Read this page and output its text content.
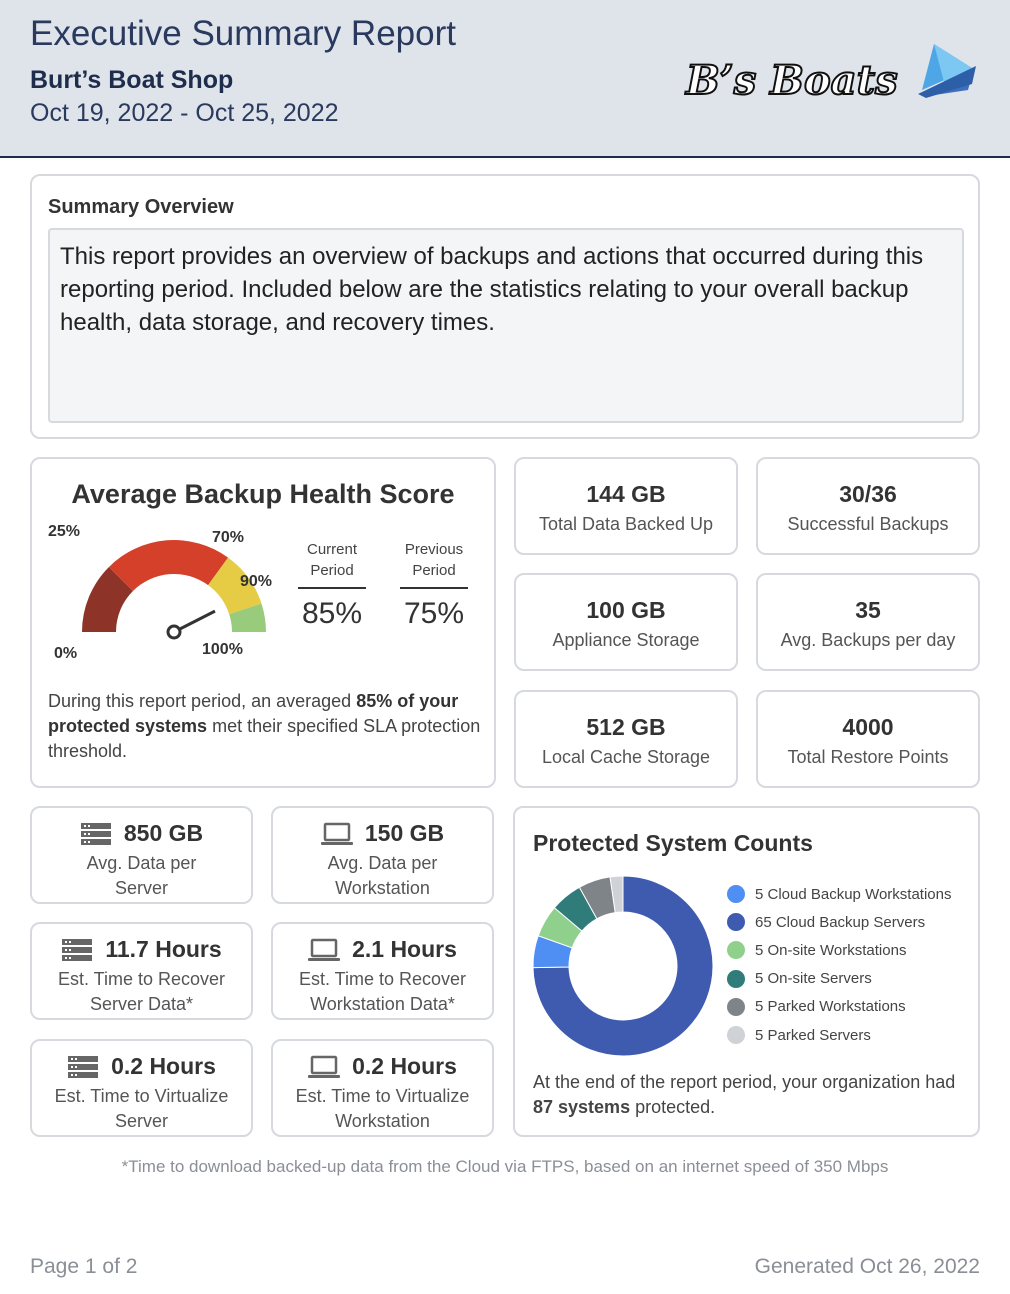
Executive Summary Report
Burt’s Boat Shop
Oct 19, 2022 - Oct 25, 2022
B’s Boats
Summary Overview
This report provides an overview of backups and actions that occurred during this reporting period. Included below are the statistics relating to your overall backup health, data storage, and recovery times.
Average Backup Health Score
25%	70%
90%
0%	100%
Current
Period
85%
Previous
Period
75%
During this report period, an averaged 85% of your protected systems met their specified SLA protection threshold.
144 GB
Total Data Backed Up
30/36
Successful Backups
100 GB
Appliance Storage
35
Avg. Backups per day
512 GB
Local Cache Storage
4000
Total Restore Points
850 GB
Avg. Data per
Server
150 GB
Avg. Data per
Workstation
11.7 Hours
Est. Time to Recover
Server Data*
2.1 Hours
Est. Time to Recover
Workstation Data*
0.2 Hours
Est. Time to Virtualize
Server
0.2 Hours
Est. Time to Virtualize
Workstation
Protected System Counts
5 Cloud Backup Workstations
65 Cloud Backup Servers
5 On-site Workstations
5 On-site Servers
5 Parked Workstations
5 Parked Servers
At the end of the report period, your organization had 87 systems protected.
*Time to download backed-up data from the Cloud via FTPS, based on an internet speed of 350 Mbps
Page 1 of 2	Generated Oct 26, 2022
